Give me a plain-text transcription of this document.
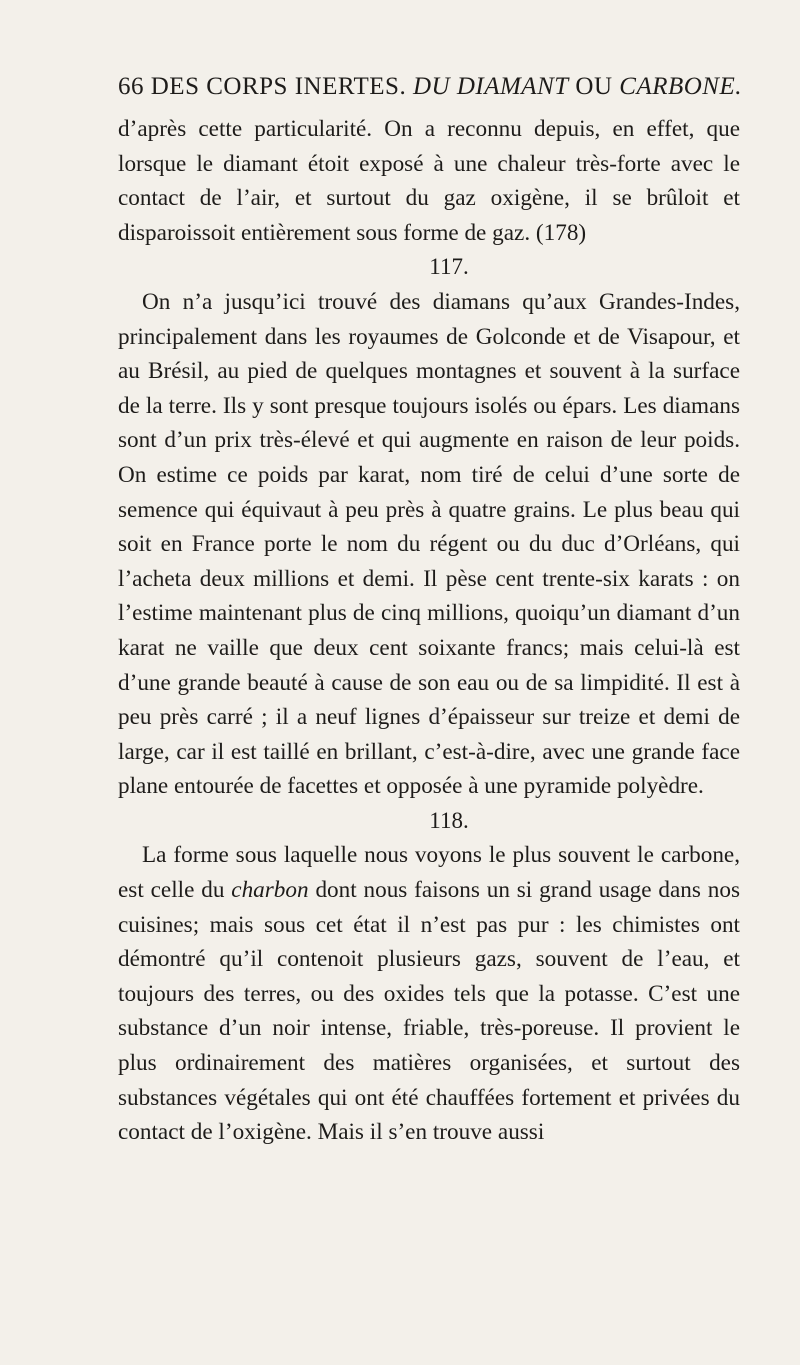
66 DES CORPS INERTES. DU DIAMANT OU CARBONE.

d’après cette particularité. On a reconnu depuis, en effet, que lorsque le diamant étoit exposé à une chaleur très-forte avec le contact de l’air, et surtout du gaz oxigène, il se brûloit et disparoissoit entièrement sous forme de gaz. (178)

117.

On n’a jusqu’ici trouvé des diamans qu’aux Grandes-Indes, principalement dans les royaumes de Golconde et de Visapour, et au Brésil, au pied de quelques montagnes et souvent à la surface de la terre. Ils y sont presque toujours isolés ou épars. Les diamans sont d’un prix très-élevé et qui augmente en raison de leur poids. On estime ce poids par karat, nom tiré de celui d’une sorte de semence qui équivaut à peu près à quatre grains. Le plus beau qui soit en France porte le nom du régent ou du duc d’Orléans, qui l’acheta deux millions et demi. Il pèse cent trente-six karats : on l’estime maintenant plus de cinq millions, quoiqu’un diamant d’un karat ne vaille que deux cent soixante francs; mais celui-là est d’une grande beauté à cause de son eau ou de sa limpidité. Il est à peu près carré ; il a neuf lignes d’épaisseur sur treize et demi de large, car il est taillé en brillant, c’est-à-dire, avec une grande face plane entourée de facettes et opposée à une pyramide polyèdre.

118.

La forme sous laquelle nous voyons le plus souvent le carbone, est celle du charbon dont nous faisons un si grand usage dans nos cuisines; mais sous cet état il n’est pas pur : les chimistes ont démontré qu’il contenoit plusieurs gazs, souvent de l’eau, et toujours des terres, ou des oxides tels que la potasse. C’est une substance d’un noir intense, friable, très-poreuse. Il provient le plus ordinairement des matières organisées, et surtout des substances végétales qui ont été chauffées fortement et privées du contact de l’oxigène. Mais il s’en trouve aussi
